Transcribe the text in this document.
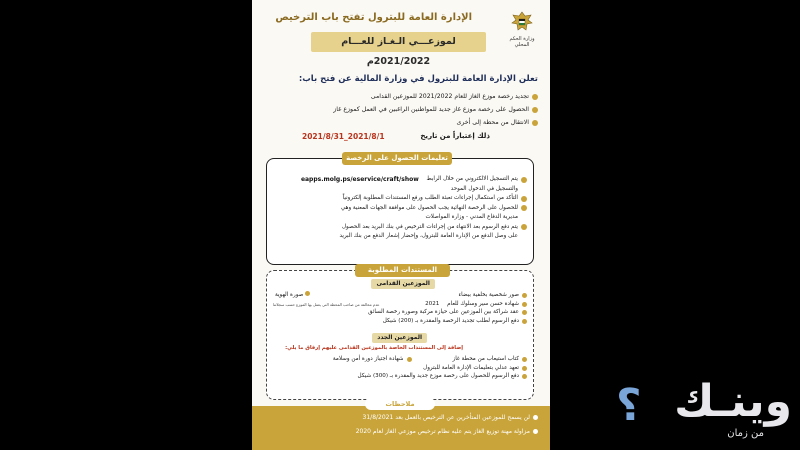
وزارة الحكم المحلي
الإدارة العامة للبترول تفتح باب الترخيص
لموزعـــي الـغـاز للعـــام 2021/2022م
تعلن الإدارة العامة للبترول في وزارة المالية عن فتح باب:
تجديد رخصة موزع الغاز للعام 2021/2022 للموزعين القدامى
الحصول على رخصة موزع غاز جديد للمواطنين الراغبين في العمل كموزع غاز
الانتقال من محطة إلى أخرى
ذلك إعتباراً من تاريخ
2021/8/1_2021/8/31
تعليمات الحصول على الرخصة
يتم التسجيل الالكتروني من خلال الرابط

eapps.molg.ps/eservice/craft/show
والتسجيل في الدخول الموحد
التأكد من استكمال إجراءات تعبئة الطلب ورفع المستندات المطلوبة إلكترونياً
للحصول على الرخصة النهائية يجب الحصول على موافقة الجهات المعنية وهي
مديرية الدفاع المدني - وزارة المواصلات
يتم دفع الرسوم بعد الانتهاء من إجراءات الترخيص في بنك البريد بعد الحصول
على وصل الدفع من الإدارة العامة للبترول، وإحضار إشعار الدفع من بنك البريد
المستندات المطلوبة
الموزعين القدامى
صور شخصية بخلفية بيضاء
شهادة حسن سير وسلوك للعام

2021
عقد شراكة بين الموزعين على حيازة مركبة وصورة رخصة السائق
دفع الرسوم لطلب تجديد الرخصة والمقدرة بـ (200) شيكل
صورة الهوية
عدم مخالفة من صاحب المحطة التي يعمل بها الموزع حسب سجلاتنا
الموزعين الجدد
إضافة إلى المستندات الخاصة بالموزعين القدامى عليهم إرفاق ما يلي:
كتاب استيعاب من محطة غاز
شهادة اجتياز دورة أمن وسلامة
تعهد عدلي بتعليمات الإدارة العامة للبترول
دفع الرسوم للحصول على رخصة موزع جديد والمقدرة بـ (300) شيكل
لن يسمح للموزعين المتأخرين عن الترخيص بالعمل بعد 31/8/2021
مزاولة مهنة توزيع الغاز يتم عليه نظام ترخيص موزعي الغاز لعام 2020
ملاحظات	وينـك
؟
من زمان
